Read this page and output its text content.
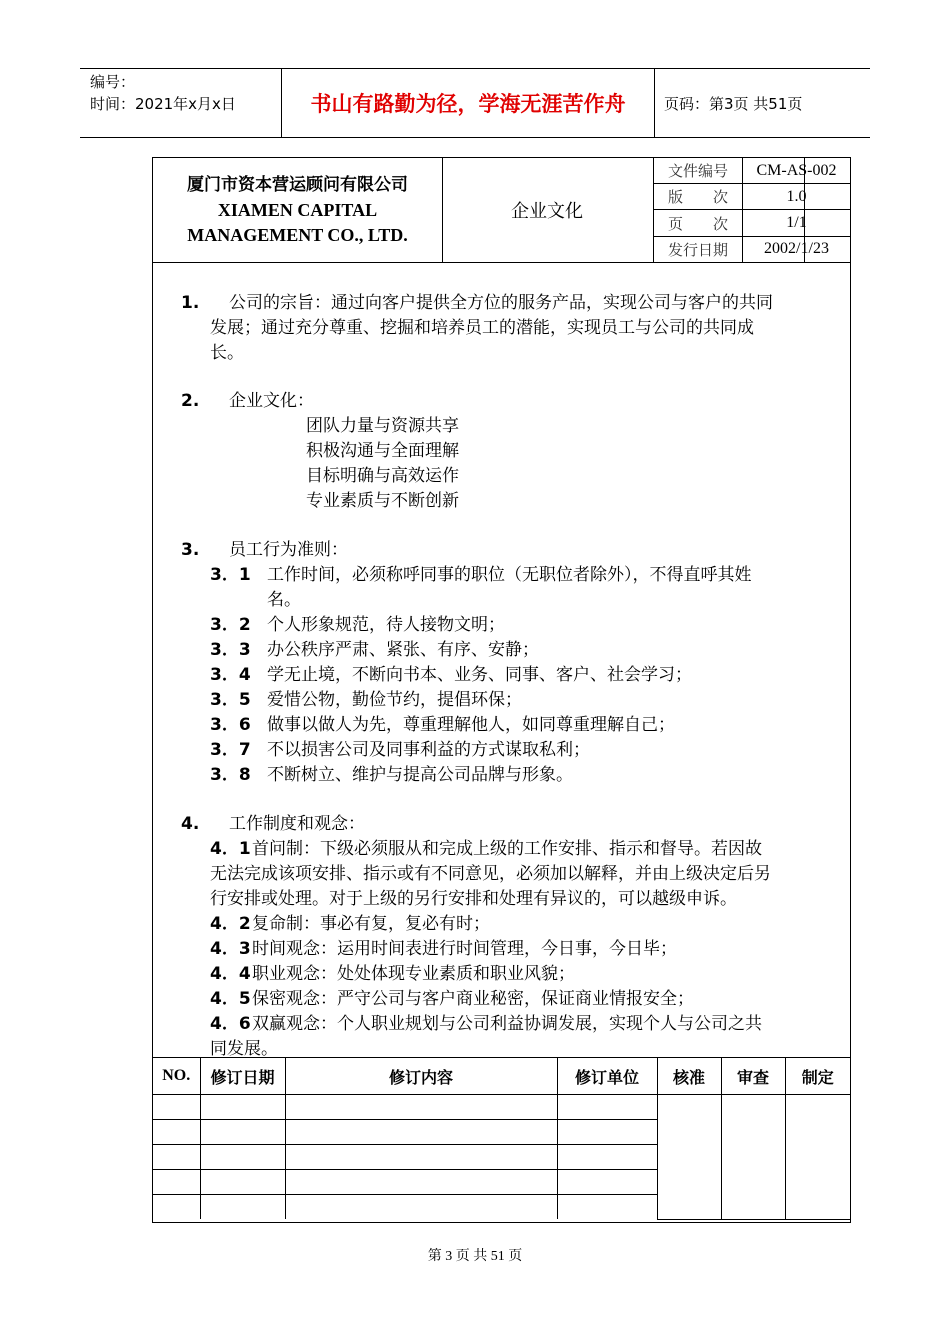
编号：
时间：2021年x月x日	书山有路勤为径，学海无涯苦作舟	页码：第3页 共51页
厦门市资本营运顾问有限公司
XIAMEN CAPITAL
MANAGEMENT CO., LTD.
企业文化
文件编号	CM-AS-002
版　　次	1.0
页　　次	1/1
发行日期	2002/1/23
1. 公司的宗旨：通过向客户提供全方位的服务产品，实现公司与客户的共同
发展；通过充分尊重、挖掘和培养员工的潜能，实现员工与公司的共同成
长。
2. 企业文化：
团队力量与资源共享
积极沟通与全面理解
目标明确与高效运作
专业素质与不断创新
3. 员工行为准则：
3．1 工作时间，必须称呼同事的职位（无职位者除外），不得直呼其姓
名。
3．2 个人形象规范，待人接物文明；
3．3 办公秩序严肃、紧张、有序、安静；
3．4 学无止境，不断向书本、业务、同事、客户、社会学习；
3．5 爱惜公物，勤俭节约，提倡环保；
3．6 做事以做人为先，尊重理解他人，如同尊重理解自己；
3．7 不以损害公司及同事利益的方式谋取私利；
3．8 不断树立、维护与提高公司品牌与形象。
4. 工作制度和观念：
4．1 首问制：下级必须服从和完成上级的工作安排、指示和督导。若因故
无法完成该项安排、指示或有不同意见，必须加以解释，并由上级决定后另
行安排或处理。对于上级的另行安排和处理有异议的，可以越级申诉。
4．2 复命制：事必有复，复必有时；
4．3 时间观念：运用时间表进行时间管理，今日事，今日毕；
4．4 职业观念：处处体现专业素质和职业风貌；
4．5 保密观念：严守公司与客户商业秘密，保证商业情报安全；
4．6 双赢观念：个人职业规划与公司利益协调发展，实现个人与公司之共
同发展。
NO.	修订日期	修订内容	修订单位	核准	审查	制定

第 3 页 共 51 页
